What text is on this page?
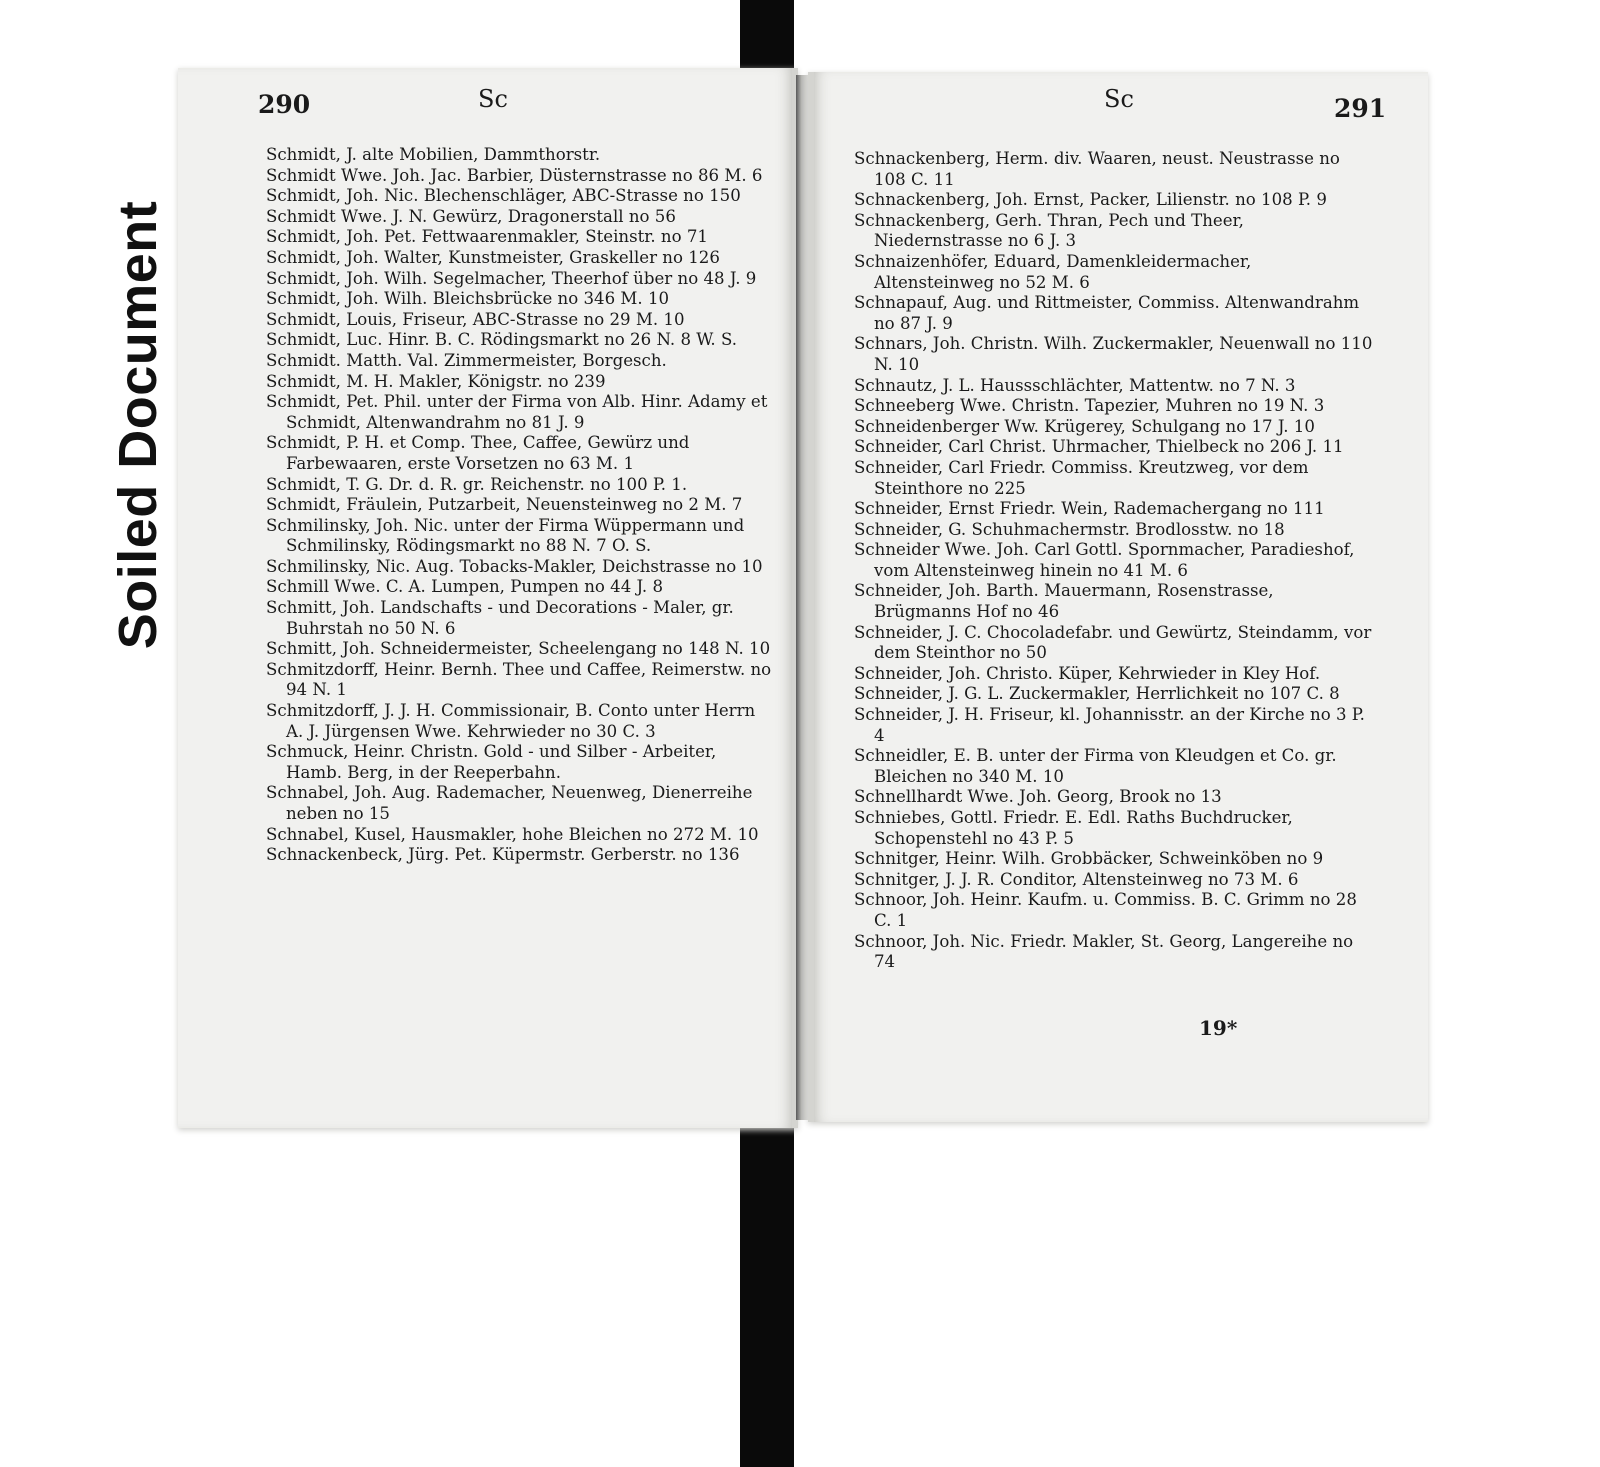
Soiled Document
290	Sc
Schmidt, J. alte Mobilien, Dammthorstr.
Schmidt Wwe. Joh. Jac. Barbier, Düsternstrasse no 86 M. 6
Schmidt, Joh. Nic. Blechenschläger, ABC-Strasse no 150
Schmidt Wwe. J. N. Gewürz, Dragonerstall no 56
Schmidt, Joh. Pet. Fettwaarenmakler, Steinstr. no 71
Schmidt, Joh. Walter, Kunstmeister, Graskeller no 126
Schmidt, Joh. Wilh. Segelmacher, Theerhof über no 48 J. 9
Schmidt, Joh. Wilh. Bleichsbrücke no 346 M. 10
Schmidt, Louis, Friseur, ABC-Strasse no 29 M. 10
Schmidt, Luc. Hinr. B. C. Rödingsmarkt no 26 N. 8 W. S.
Schmidt. Matth. Val. Zimmermeister, Borgesch.
Schmidt, M. H. Makler, Königstr. no 239
Schmidt, Pet. Phil. unter der Firma von Alb. Hinr. Adamy et Schmidt, Altenwandrahm no 81 J. 9
Schmidt, P. H. et Comp. Thee, Caffee, Gewürz und Farbewaaren, erste Vorsetzen no 63 M. 1
Schmidt, T. G. Dr. d. R. gr. Reichenstr. no 100 P. 1.
Schmidt, Fräulein, Putzarbeit, Neuensteinweg no 2 M. 7
Schmilinsky, Joh. Nic. unter der Firma Wüppermann und Schmilinsky, Rödingsmarkt no 88 N. 7 O. S.
Schmilinsky, Nic. Aug. Tobacks-Makler, Deichstrasse no 10
Schmill Wwe. C. A. Lumpen, Pumpen no 44 J. 8
Schmitt, Joh. Landschafts - und Decorations - Maler, gr. Buhrstah no 50 N. 6
Schmitt, Joh. Schneidermeister, Scheelengang no 148 N. 10
Schmitzdorff, Heinr. Bernh. Thee und Caffee, Reimerstw. no 94 N. 1
Schmitzdorff, J. J. H. Commissionair, B. Conto unter Herrn A. J. Jürgensen Wwe. Kehrwieder no 30 C. 3
Schmuck, Heinr. Christn. Gold - und Silber - Arbeiter, Hamb. Berg, in der Reeperbahn.
Schnabel, Joh. Aug. Rademacher, Neuenweg, Dienerreihe neben no 15
Schnabel, Kusel, Hausmakler, hohe Bleichen no 272 M. 10
Schnackenbeck, Jürg. Pet. Küpermstr. Gerberstr. no 136
Sc	291
Schnackenberg, Herm. div. Waaren, neust. Neustrasse no 108 C. 11
Schnackenberg, Joh. Ernst, Packer, Lilienstr. no 108 P. 9
Schnackenberg, Gerh. Thran, Pech und Theer, Niedernstrasse no 6 J. 3
Schnaizenhöfer, Eduard, Damenkleidermacher, Altensteinweg no 52 M. 6
Schnapauf, Aug. und Rittmeister, Commiss. Altenwandrahm no 87 J. 9
Schnars, Joh. Christn. Wilh. Zuckermakler, Neuenwall no 110 N. 10
Schnautz, J. L. Haussschlächter, Mattentw. no 7 N. 3
Schneeberg Wwe. Christn. Tapezier, Muhren no 19 N. 3
Schneidenberger Ww. Krügerey, Schulgang no 17 J. 10
Schneider, Carl Christ. Uhrmacher, Thielbeck no 206 J. 11
Schneider, Carl Friedr. Commiss. Kreutzweg, vor dem Steinthore no 225
Schneider, Ernst Friedr. Wein, Rademachergang no 111
Schneider, G. Schuhmachermstr. Brodlosstw. no 18
Schneider Wwe. Joh. Carl Gottl. Spornmacher, Paradieshof, vom Altensteinweg hinein no 41 M. 6
Schneider, Joh. Barth. Mauermann, Rosenstrasse, Brügmanns Hof no 46
Schneider, J. C. Chocoladefabr. und Gewürtz, Steindamm, vor dem Steinthor no 50
Schneider, Joh. Christo. Küper, Kehrwieder in Kley Hof.
Schneider, J. G. L. Zuckermakler, Herrlichkeit no 107 C. 8
Schneider, J. H. Friseur, kl. Johannisstr. an der Kirche no 3 P. 4
Schneidler, E. B. unter der Firma von Kleudgen et Co. gr. Bleichen no 340 M. 10
Schnellhardt Wwe. Joh. Georg, Brook no 13
Schniebes, Gottl. Friedr. E. Edl. Raths Buchdrucker, Schopenstehl no 43 P. 5
Schnitger, Heinr. Wilh. Grobbäcker, Schweinköben no 9
Schnitger, J. J. R. Conditor, Altensteinweg no 73 M. 6
Schnoor, Joh. Heinr. Kaufm. u. Commiss. B. C. Grimm no 28 C. 1
Schnoor, Joh. Nic. Friedr. Makler, St. Georg, Langereihe no 74
19*
